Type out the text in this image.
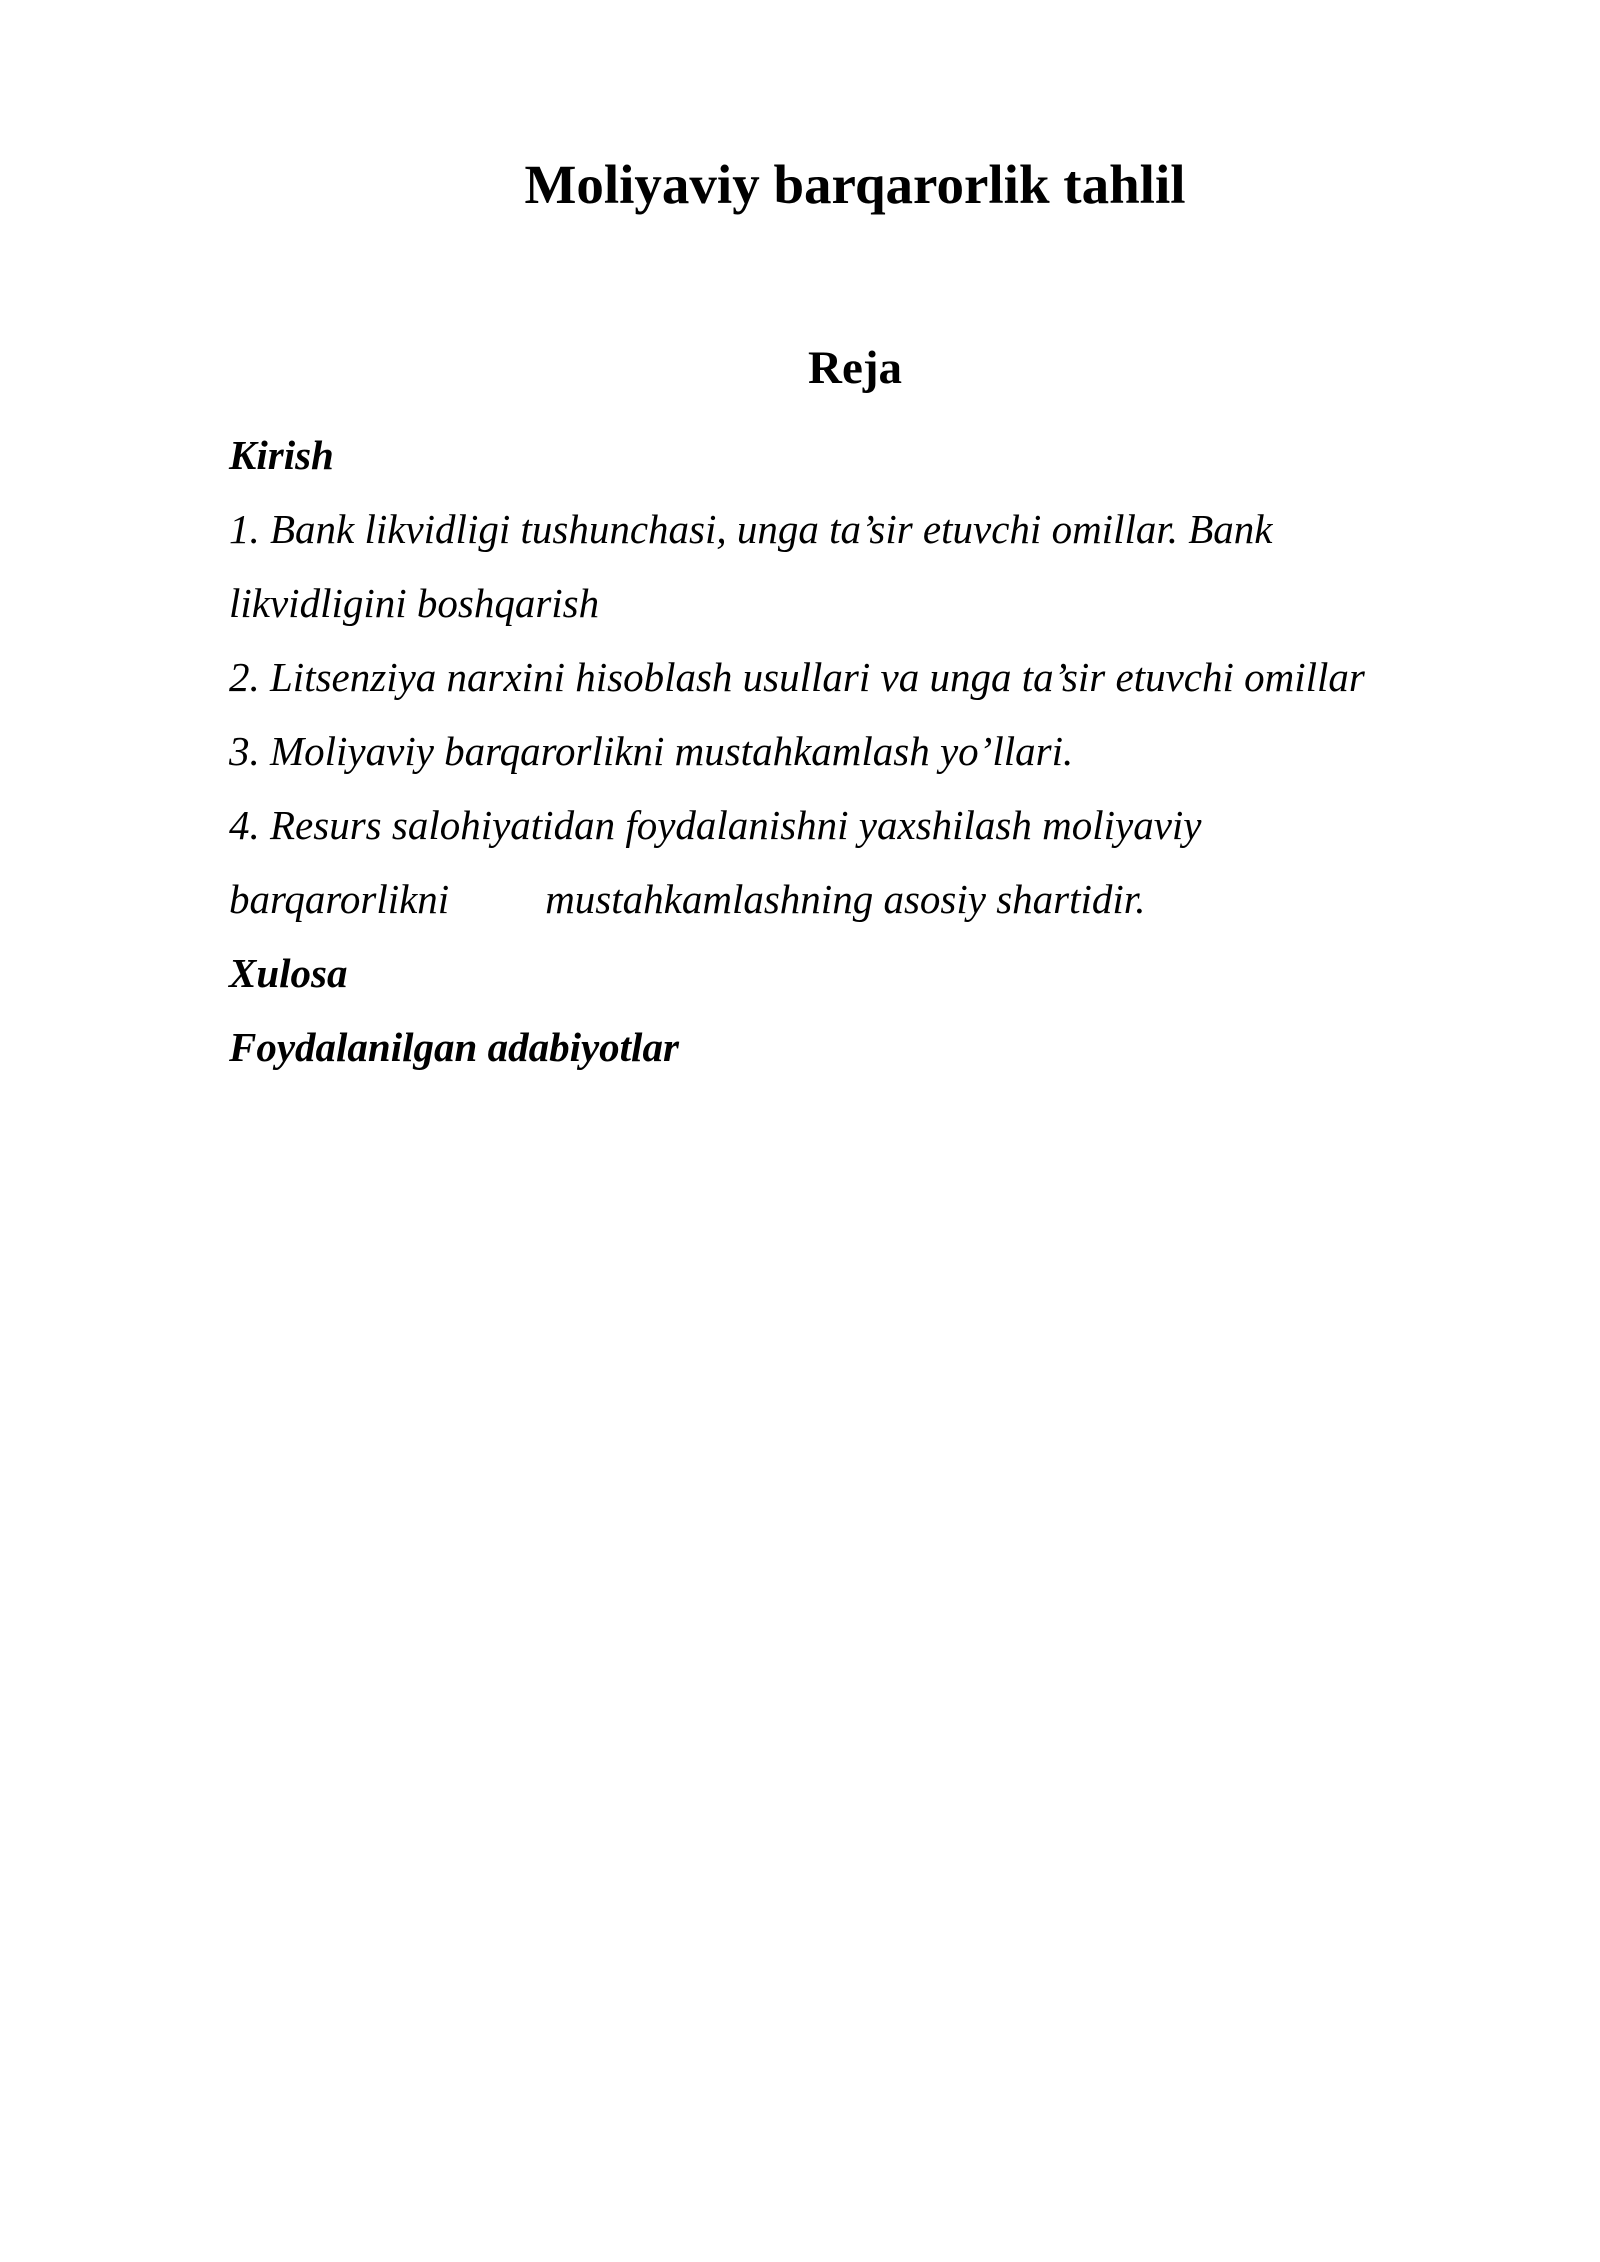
Moliyaviy barqarorlik tahlil
Reja
Kirish
1. Bank likvidligi tushunchasi, unga ta’sir etuvchi omillar. Bank
likvidligini boshqarish
2. Litsenziya narxini hisoblash usullari va unga ta’sir etuvchi omillar
3. Moliyaviy barqarorlikni mustahkamlash yo’llari.
4. Resurs salohiyatidan foydalanishni yaxshilash moliyaviy
barqarorlikni mustahkamlashning asosiy shartidir.
Xulosa
Foydalanilgan adabiyotlar
